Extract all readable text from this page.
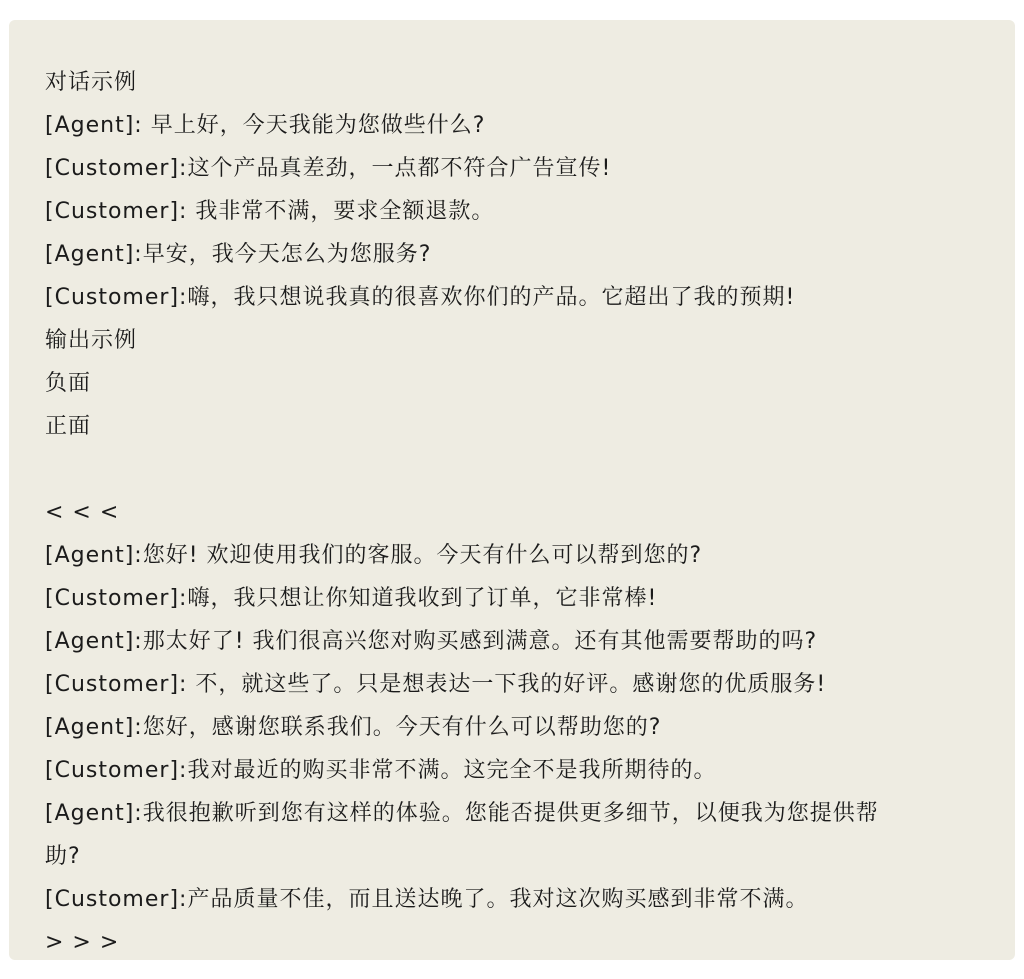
对话示例
[Agent]: 早上好，今天我能为您做些什么?
[Customer]:这个产品真差劲，一点都不符合广告宣传!
[Customer]: 我非常不满，要求全额退款。
[Agent]:早安，我今天怎么为您服务?
[Customer]:嗨，我只想说我真的很喜欢你们的产品。它超出了我的预期!
输出示例
负面
正面
< < <
[Agent]:您好! 欢迎使用我们的客服。今天有什么可以帮到您的?
[Customer]:嗨，我只想让你知道我收到了订单，它非常棒!
[Agent]:那太好了! 我们很高兴您对购买感到满意。还有其他需要帮助的吗?
[Customer]: 不，就这些了。只是想表达一下我的好评。感谢您的优质服务!
[Agent]:您好，感谢您联系我们。今天有什么可以帮助您的?
[Customer]:我对最近的购买非常不满。这完全不是我所期待的。
[Agent]:我很抱歉听到您有这样的体验。您能否提供更多细节，以便我为您提供帮
助?
[Customer]:产品质量不佳，而且送达晚了。我对这次购买感到非常不满。
> > >
